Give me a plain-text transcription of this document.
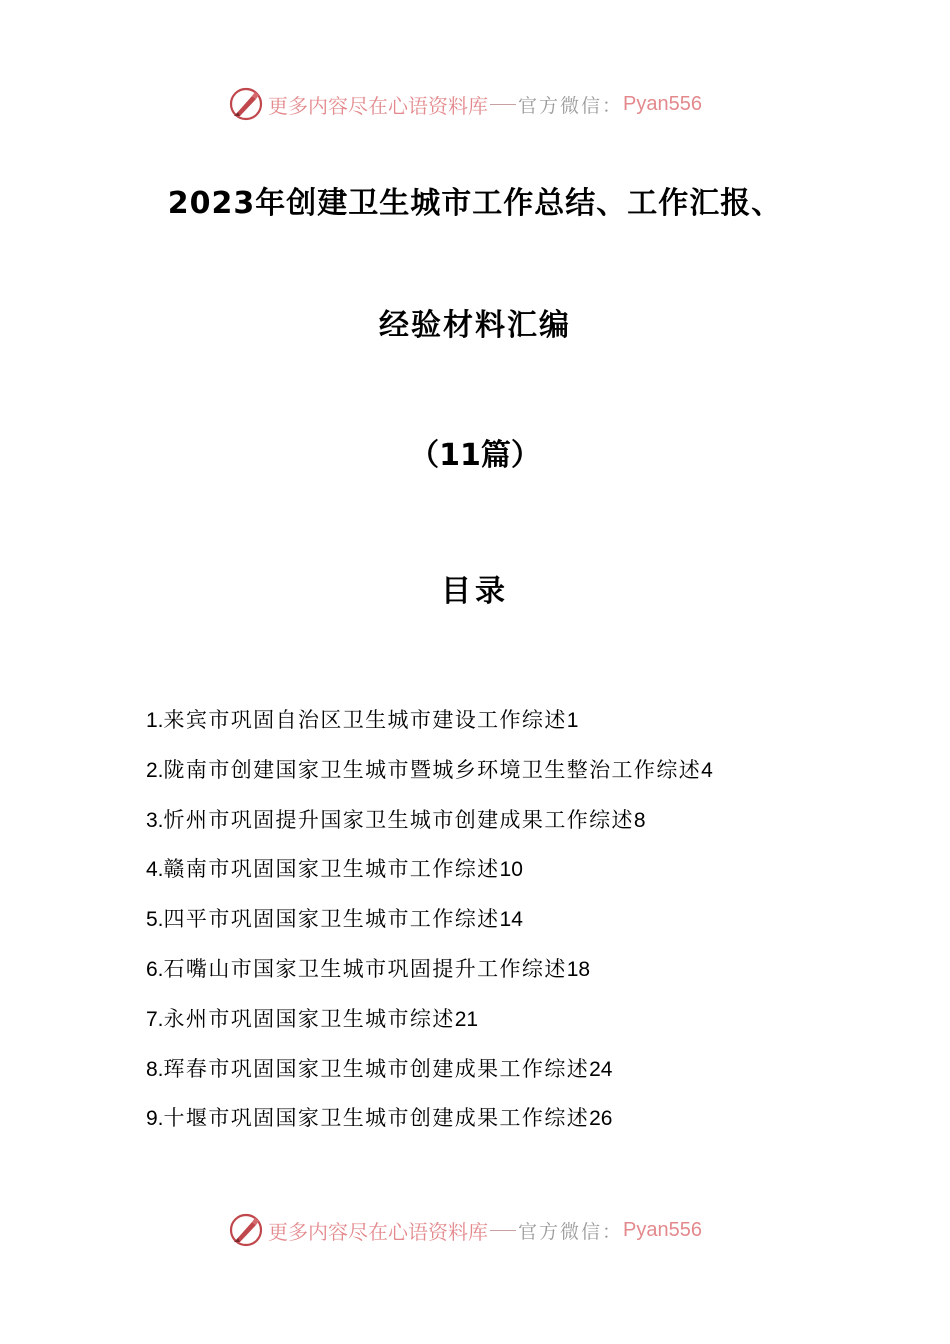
更多内容尽在心语资料库 官方微信： Pyan556
2023年创建卫生城市工作总结、工作汇报、
经验材料汇编
（11篇）
目录
1.来宾市巩固自治区卫生城市建设工作综述1
2.陇南市创建国家卫生城市暨城乡环境卫生整治工作综述4
3.忻州市巩固提升国家卫生城市创建成果工作综述8
4.赣南市巩固国家卫生城市工作综述10
5.四平市巩固国家卫生城市工作综述14
6.石嘴山市国家卫生城市巩固提升工作综述18
7.永州市巩固国家卫生城市综述21
8.珲春市巩固国家卫生城市创建成果工作综述24
9.十堰市巩固国家卫生城市创建成果工作综述26
更多内容尽在心语资料库 官方微信： Pyan556
